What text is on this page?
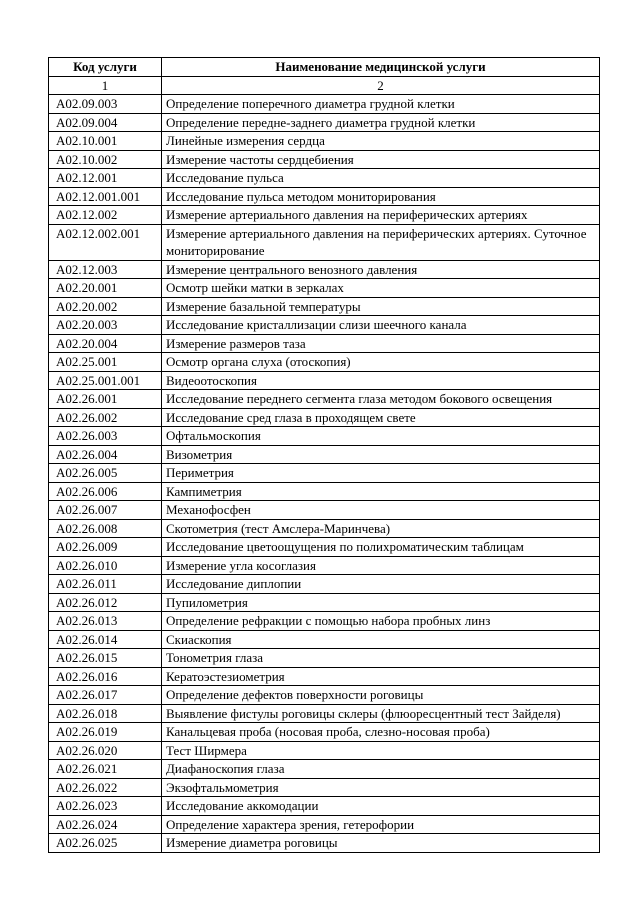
Код услуги	Наименование медицинской услуги
1	2
А02.09.003	Определение поперечного диаметра грудной клетки
А02.09.004	Определение передне-заднего диаметра грудной клетки
А02.10.001	Линейные измерения сердца
А02.10.002	Измерение частоты сердцебиения
А02.12.001	Исследование пульса
А02.12.001.001	Исследование пульса методом мониторирования
А02.12.002	Измерение артериального давления на периферических артериях
А02.12.002.001	Измерение артериального давления на периферических артериях. Суточное мониторирование
А02.12.003	Измерение центрального венозного давления
А02.20.001	Осмотр шейки матки в зеркалах
А02.20.002	Измерение базальной температуры
А02.20.003	Исследование кристаллизации слизи шеечного канала
А02.20.004	Измерение размеров таза
А02.25.001	Осмотр органа слуха (отоскопия)
А02.25.001.001	Видеоотоскопия
А02.26.001	Исследование переднего сегмента глаза методом бокового освещения
А02.26.002	Исследование сред глаза в проходящем свете
А02.26.003	Офтальмоскопия
А02.26.004	Визометрия
А02.26.005	Периметрия
А02.26.006	Кампиметрия
А02.26.007	Механофосфен
А02.26.008	Скотометрия (тест Амслера-Маринчева)
А02.26.009	Исследование цветоощущения по полихроматическим таблицам
А02.26.010	Измерение угла косоглазия
А02.26.011	Исследование диплопии
А02.26.012	Пупилометрия
А02.26.013	Определение рефракции с помощью набора пробных линз
А02.26.014	Скиаскопия
А02.26.015	Тонометрия глаза
А02.26.016	Кератоэстезиометрия
А02.26.017	Определение дефектов поверхности роговицы
А02.26.018	Выявление фистулы роговицы склеры (флюоресцентный тест Зайделя)
А02.26.019	Канальцевая проба (носовая проба, слезно-носовая проба)
А02.26.020	Тест Ширмера
А02.26.021	Диафаноскопия глаза
А02.26.022	Экзофтальмометрия
А02.26.023	Исследование аккомодации
А02.26.024	Определение характера зрения, гетерофории
А02.26.025	Измерение диаметра роговицы
